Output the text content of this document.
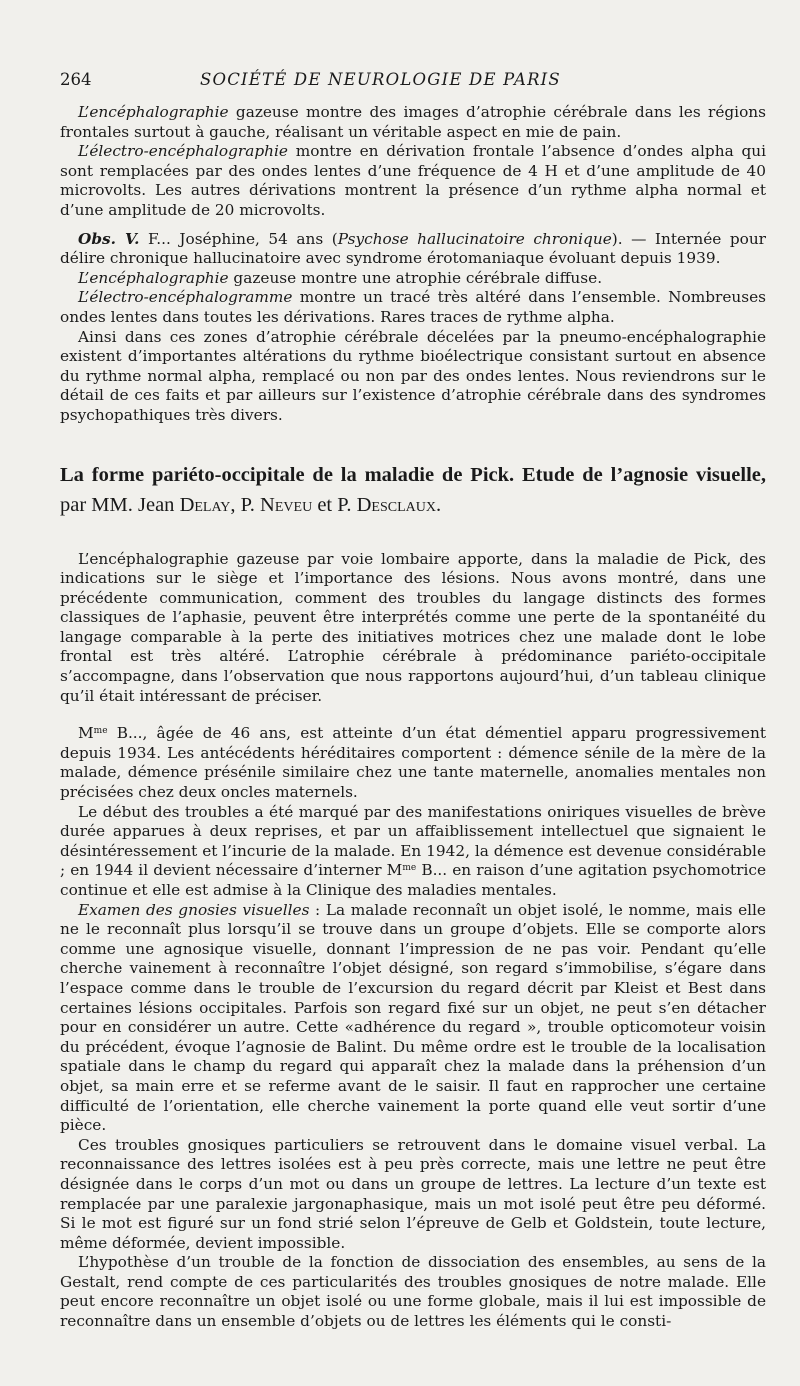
264	SOCIÉTÉ DE NEUROLOGIE DE PARIS

L’encéphalographie gazeuse montre des images d’atrophie cérébrale dans les régions frontales surtout à gauche, réalisant un véritable aspect en mie de pain.

L’électro-encéphalographie montre en dérivation frontale l’absence d’ondes alpha qui sont remplacées par des ondes lentes d’une fréquence de 4 H et d’une amplitude de 40 microvolts. Les autres dérivations montrent la présence d’un rythme alpha normal et d’une amplitude de 20 microvolts.

Obs. V. F... Joséphine, 54 ans (Psychose hallucinatoire chronique). — Internée pour délire chronique hallucinatoire avec syndrome érotomaniaque évoluant depuis 1939.

L’encéphalographie gazeuse montre une atrophie cérébrale diffuse.

L’électro-encéphalogramme montre un tracé très altéré dans l’ensemble. Nombreuses ondes lentes dans toutes les dérivations. Rares traces de rythme alpha.

Ainsi dans ces zones d’atrophie cérébrale décelées par la pneumo-encéphalographie existent d’importantes altérations du rythme bioélectrique consistant surtout en absence du rythme normal alpha, remplacé ou non par des ondes lentes. Nous reviendrons sur le détail de ces faits et par ailleurs sur l’existence d’atrophie cérébrale dans des syndromes psychopathiques très divers.

La forme pariéto-occipitale de la maladie de Pick. Etude de l’agnosie visuelle, par MM. Jean Delay, P. Neveu et P. Desclaux.

L’encéphalographie gazeuse par voie lombaire apporte, dans la maladie de Pick, des indications sur le siège et l’importance des lésions. Nous avons montré, dans une précédente communication, comment des troubles du langage distincts des formes classiques de l’aphasie, peuvent être interprétés comme une perte de la spontanéité du langage comparable à la perte des initiatives motrices chez une malade dont le lobe frontal est très altéré. L’atrophie cérébrale à prédominance pariéto-occipitale s’accompagne, dans l’observation que nous rapportons aujourd’hui, d’un tableau clinique qu’il était intéressant de préciser.

$M^{me}$ B..., âgée de 46 ans, est atteinte d’un état démentiel apparu progressivement depuis 1934. Les antécédents héréditaires comportent : démence sénile de la mère de la malade, démence présénile similaire chez une tante maternelle, anomalies mentales non précisées chez deux oncles maternels.

Le début des troubles a été marqué par des manifestations oniriques visuelles de brève durée apparues à deux reprises, et par un affaiblissement intellectuel que signaient le désintéressement et l’incurie de la malade. En 1942, la démence est devenue considérable ; en 1944 il devient nécessaire d’interner $M^{me}$ B... en raison d’une agitation psychomotrice continue et elle est admise à la Clinique des maladies mentales.

Examen des gnosies visuelles : La malade reconnaît un objet isolé, le nomme, mais elle ne le reconnaît plus lorsqu’il se trouve dans un groupe d’objets. Elle se comporte alors comme une agnosique visuelle, donnant l’impression de ne pas voir. Pendant qu’elle cherche vainement à reconnaître l’objet désigné, son regard s’immobilise, s’égare dans l’espace comme dans le trouble de l’excursion du regard décrit par Kleist et Best dans certaines lésions occipitales. Parfois son regard fixé sur un objet, ne peut s’en détacher pour en considérer un autre. Cette «adhérence du regard », trouble opticomoteur voisin du précédent, évoque l’agnosie de Balint. Du même ordre est le trouble de la localisation spatiale dans le champ du regard qui apparaît chez la malade dans la préhension d’un objet, sa main erre et se referme avant de le saisir. Il faut en rapprocher une certaine difficulté de l’orientation, elle cherche vainement la porte quand elle veut sortir d’une pièce.

Ces troubles gnosiques particuliers se retrouvent dans le domaine visuel verbal. La reconnaissance des lettres isolées est à peu près correcte, mais une lettre ne peut être désignée dans le corps d’un mot ou dans un groupe de lettres. La lecture d’un texte est remplacée par une paralexie jargonaphasique, mais un mot isolé peut être peu déformé. Si le mot est figuré sur un fond strié selon l’épreuve de Gelb et Goldstein, toute lecture, même déformée, devient impossible.

L’hypothèse d’un trouble de la fonction de dissociation des ensembles, au sens de la Gestalt, rend compte de ces particularités des troubles gnosiques de notre malade. Elle peut encore reconnaître un objet isolé ou une forme globale, mais il lui est impossible de reconnaître dans un ensemble d’objets ou de lettres les éléments qui le consti-
